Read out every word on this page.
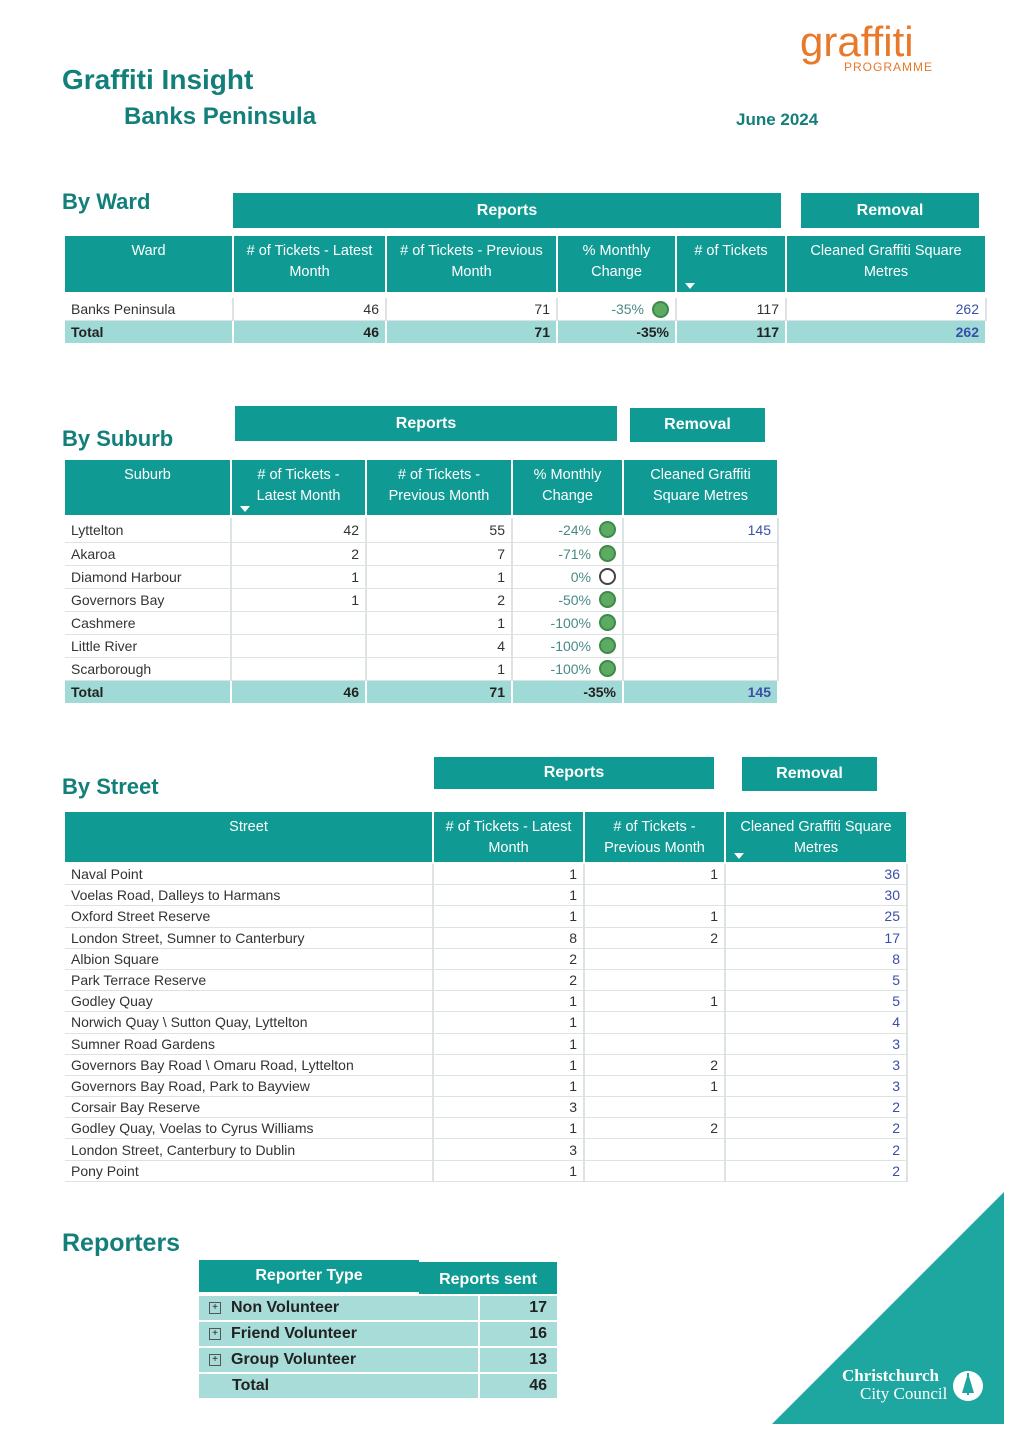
Graffiti Insight
Banks Peninsula	June 2024
graffiti
PROGRAMME
By Ward	Reports	Removal
Ward	# of Tickets - Latest Month	# of Tickets - Previous Month	% Monthly Change	# of Tickets	Cleaned Graffiti Square Metres

Banks Peninsula	46	71	-35%	117	262
Total	46	71	-35%	117	262
By Suburb
Reports	Removal
Suburb	# of Tickets - Latest Month	# of Tickets - Previous Month	% Monthly Change	Cleaned Graffiti Square Metres

Lyttelton	42	55	-24%	145
Akaroa	2	7	-71%	

Diamond Harbour	1	1	0%	

Governors Bay	1	2	-50%	

Cashmere		1	-100%	

Little River		4	-100%	

Scarborough		1	-100%	

Total	46	71	-35%	145
By Street
Reports	Removal
Street	# of Tickets - Latest Month	# of Tickets - Previous Month	Cleaned Graffiti Square Metres

Naval Point	1	1	36
Voelas Road, Dalleys to Harmans	1		30
Oxford Street Reserve	1	1	25
London Street, Sumner to Canterbury	8	2	17
Albion Square	2		8
Park Terrace Reserve	2		5
Godley Quay	1	1	5
Norwich Quay \ Sutton Quay, Lyttelton	1		4
Sumner Road Gardens	1		3
Governors Bay Road \ Omaru Road, Lyttelton	1	2	3
Governors Bay Road, Park to Bayview	1	1	3
Corsair Bay Reserve	3		2
Godley Quay, Voelas to Cyrus Williams	1	2	2
London Street, Canterbury to Dublin	3		2
Pony Point	1		2
Reporters
Reporter Type	Reports sent
+ Non Volunteer	17
+ Friend Volunteer	16
+ Group Volunteer	13
Total	46
Christchurch
City Council
